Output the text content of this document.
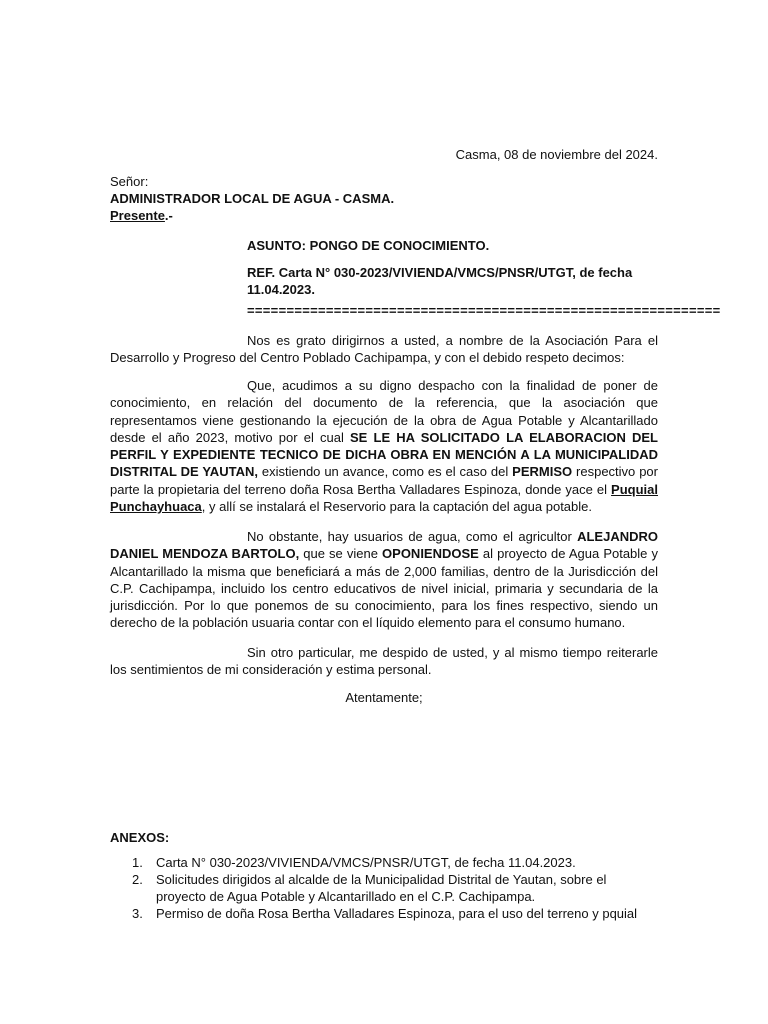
Casma, 08 de noviembre del 2024.
Señor:
ADMINISTRADOR LOCAL DE AGUA - CASMA.
Presente.-
ASUNTO: PONGO DE CONOCIMIENTO.
REF. Carta N° 030-2023/VIVIENDA/VMCS/PNSR/UTGT, de fecha 11.04.2023.
============================================================

Nos es grato dirigirnos a usted, a nombre de la Asociación Para el Desarrollo y Progreso del Centro Poblado Cachipampa, y con el debido respeto decimos:

Que, acudimos a su digno despacho con la finalidad de poner de conocimiento, en relación del documento de la referencia, que la asociación que representamos viene gestionando la ejecución de la obra de Agua Potable y Alcantarillado desde el año 2023, motivo por el cual SE LE HA SOLICITADO LA ELABORACION DEL PERFIL Y EXPEDIENTE TECNICO DE DICHA OBRA EN MENCIÓN A LA MUNICIPALIDAD DISTRITAL DE YAUTAN, existiendo un avance, como es el caso del PERMISO respectivo por parte la propietaria del terreno doña Rosa Bertha Valladares Espinoza, donde yace el Puquial Punchayhuaca, y allí se instalará el Reservorio para la captación del agua potable.

No obstante, hay usuarios de agua, como el agricultor ALEJANDRO DANIEL MENDOZA BARTOLO, que se viene OPONIENDOSE al proyecto de Agua Potable y Alcantarillado la misma que beneficiará a más de 2,000 familias, dentro de la Jurisdicción del C.P. Cachipampa, incluido los centro educativos de nivel inicial, primaria y secundaria de la jurisdicción. Por lo que ponemos de su conocimiento, para los fines respectivo, siendo un derecho de la población usuaria contar con el líquido elemento para el consumo humano.

Sin otro particular, me despido de usted, y al mismo tiempo reiterarle los sentimientos de mi consideración y estima personal.

Atentamente;
ANEXOS:
1. Carta N° 030-2023/VIVIENDA/VMCS/PNSR/UTGT, de fecha 11.04.2023.
2. Solicitudes dirigidos al alcalde de la Municipalidad Distrital de Yautan, sobre el proyecto de Agua Potable y Alcantarillado en el C.P. Cachipampa.
3. Permiso de doña Rosa Bertha Valladares Espinoza, para el uso del terreno y pquial
